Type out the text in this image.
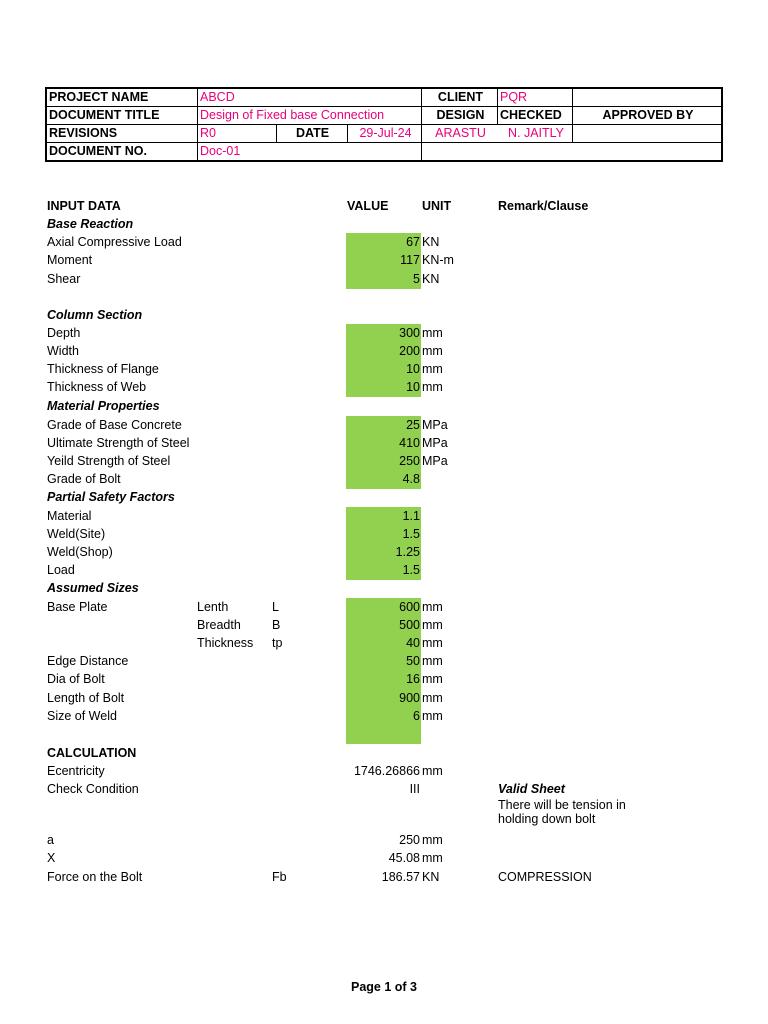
PROJECT NAME	ABCD	CLIENT	PQR
DOCUMENT TITLE	Design of Fixed base Connection	DESIGN	CHECKED	APPROVED BY
REVISIONS	R0	DATE	29-Jul-24	ARASTU	N. JAITLY
DOCUMENT NO.	Doc-01
INPUT DATA	VALUE	UNIT	Remark/Clause
Base Reaction
Axial Compressive Load	67 KN
Moment	117 KN-m
Shear	5 KN
Column Section
Depth	300 mm
Width	200 mm
Thickness of Flange	10 mm
Thickness of Web	10 mm
Material Properties
Grade of Base Concrete	25 MPa
Ultimate Strength of Steel	410 MPa
Yeild Strength of Steel	250 MPa
Grade of Bolt	4.8
Partial Safety Factors
Material	1.1
Weld(Site)	1.5
Weld(Shop)	1.25
Load	1.5
Assumed Sizes
Base Plate	Lenth	L	600 mm
Breadth B	500 mm
Thickness tp	40 mm
Edge Distance	50 mm
Dia of Bolt	16 mm
Length of Bolt	900 mm
Size of Weld	6 mm
CALCULATION
Ecentricity	1746.26866 mm
Check Condition	III	Valid Sheet
There will be tension in
holding down bolt
a	250 mm
X	45.08 mm
Force on the Bolt	Fb	186.57 KN	COMPRESSION
Page 1 of 3
